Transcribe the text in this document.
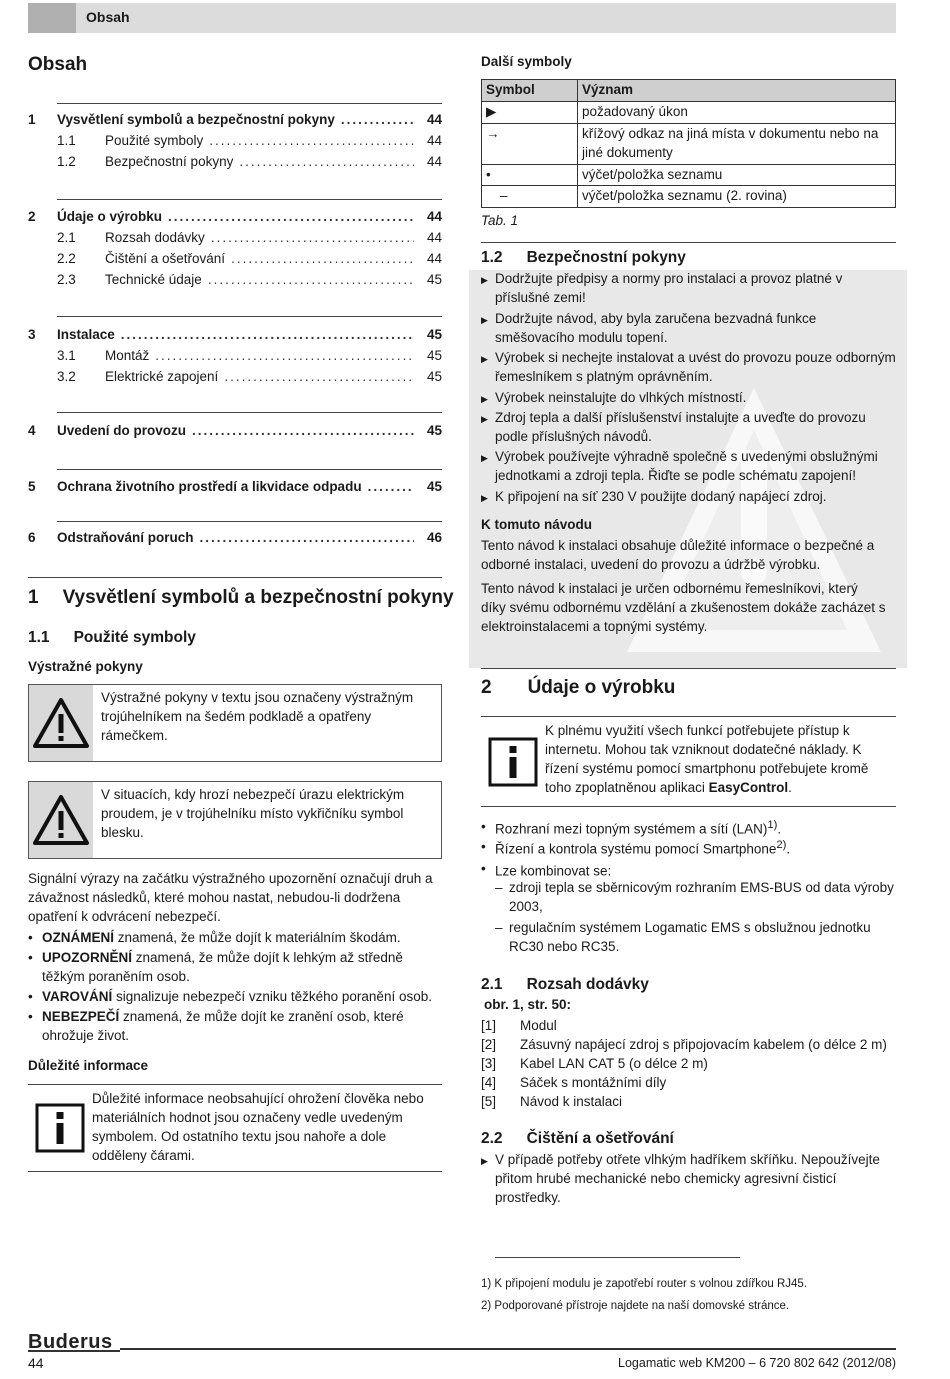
Obsah
Obsah
1	Vysvětlení symbolů a bezpečnostní pokyny .....	44
1.1	Použité symboly .....	44
1.2	Bezpečnostní pokyny .....	44
2	Údaje o výrobku .....	44
2.1	Rozsah dodávky .....	44
2.2	Čištění a ošetřování .....	44
2.3	Technické údaje .....	45
3	Instalace .....	45
3.1	Montáž .....	45
3.2	Elektrické zapojení .....	45
4	Uvedení do provozu .....	45
5	Ochrana životního prostředí a likvidace odpadu .....	45
6	Odstraňování poruch .....	46
1 Vysvětlení symbolů a bezpečnostní pokyny
1.1 Použité symboly
Výstražné pokyny
Výstražné pokyny v textu jsou označeny výstražným trojúhelníkem na šedém podkladě a opatřeny rámečkem.
V situacích, kdy hrozí nebezpečí úrazu elektrickým proudem, je v trojúhelníku místo vykřičníku symbol blesku.
Signální výrazy na začátku výstražného upozornění označují druh a závažnost následků, které mohou nastat, nebudou-li dodržena opatření k odvrácení nebezpečí.
• OZNÁMENÍ znamená, že může dojít k materiálním škodám.
• UPOZORNĚNÍ znamená, že může dojít k lehkým až středně těžkým poraněním osob.
• VAROVÁNÍ signalizuje nebezpečí vzniku těžkého poranění osob.
• NEBEZPEČÍ znamená, že může dojít ke zranění osob, které ohrožuje život.
Důležité informace
Důležité informace neobsahující ohrožení člověka nebo materiálních hodnot jsou označeny vedle uvedeným symbolem. Od ostatního textu jsou nahoře a dole odděleny čárami.
Další symboly
Symbol	Význam
▶	požadovaný úkon
→	křížový odkaz na jiná místa v dokumentu nebo na jiné dokumenty
•	výčet/položka seznamu
–	výčet/položka seznamu (2. rovina)
Tab. 1
1.2 Bezpečnostní pokyny
▶ Dodržujte předpisy a normy pro instalaci a provoz platné v příslušné zemi!
▶ Dodržujte návod, aby byla zaručena bezvadná funkce směšovacího modulu topení.
▶ Výrobek si nechejte instalovat a uvést do provozu pouze odborným řemeslníkem s platným oprávněním.
▶ Výrobek neinstalujte do vlhkých místností.
▶ Zdroj tepla a další příslušenství instalujte a uveďte do provozu podle příslušných návodů.
▶ Výrobek používejte výhradně společně s uvedenými obslužnými jednotkami a zdroji tepla. Řiďte se podle schématu zapojení!
▶ K připojení na síť 230 V použijte dodaný napájecí zdroj.
K tomuto návodu
Tento návod k instalaci obsahuje důležité informace o bezpečné a odborné instalaci, uvedení do provozu a údržbě výrobku.
Tento návod k instalaci je určen odbornému řemeslníkovi, který díky svému odbornému vzdělání a zkušenostem dokáže zacházet s elektroinstalacemi a topnými systémy.
2 Údaje o výrobku
K plnému využití všech funkcí potřebujete přístup k internetu. Mohou tak vzniknout dodatečné náklady. K řízení systému pomocí smartphonu potřebujete kromě toho zpoplatněnou aplikaci EasyControl.
• Rozhraní mezi topným systémem a sítí (LAN)$^{1)}$.
• Řízení a kontrola systému pomocí Smartphone$^{2)}$.
• Lze kombinovat se:
– zdroji tepla se sběrnicovým rozhraním EMS-BUS od data výroby 2003,
– regulačním systémem Logamatic EMS s obslužnou jednotku RC30 nebo RC35.
2.1 Rozsah dodávky
obr. 1, str. 50:
[1] Modul
[2] Zásuvný napájecí zdroj s připojovacím kabelem (o délce 2 m)
[3] Kabel LAN CAT 5 (o délce 2 m)
[4] Sáček s montážními díly
[5] Návod k instalaci
2.2 Čištění a ošetřování
▶ V případě potřeby otřete vlhkým hadříkem skříňku. Nepoužívejte přitom hrubé mechanické nebo chemicky agresivní čisticí prostředky.
1) K připojení modulu je zapotřebí router s volnou zdířkou RJ45.
2) Podporované přístroje najdete na naší domovské stránce.
Buderus
44	Logamatic web KM200 – 6 720 802 642 (2012/08)
